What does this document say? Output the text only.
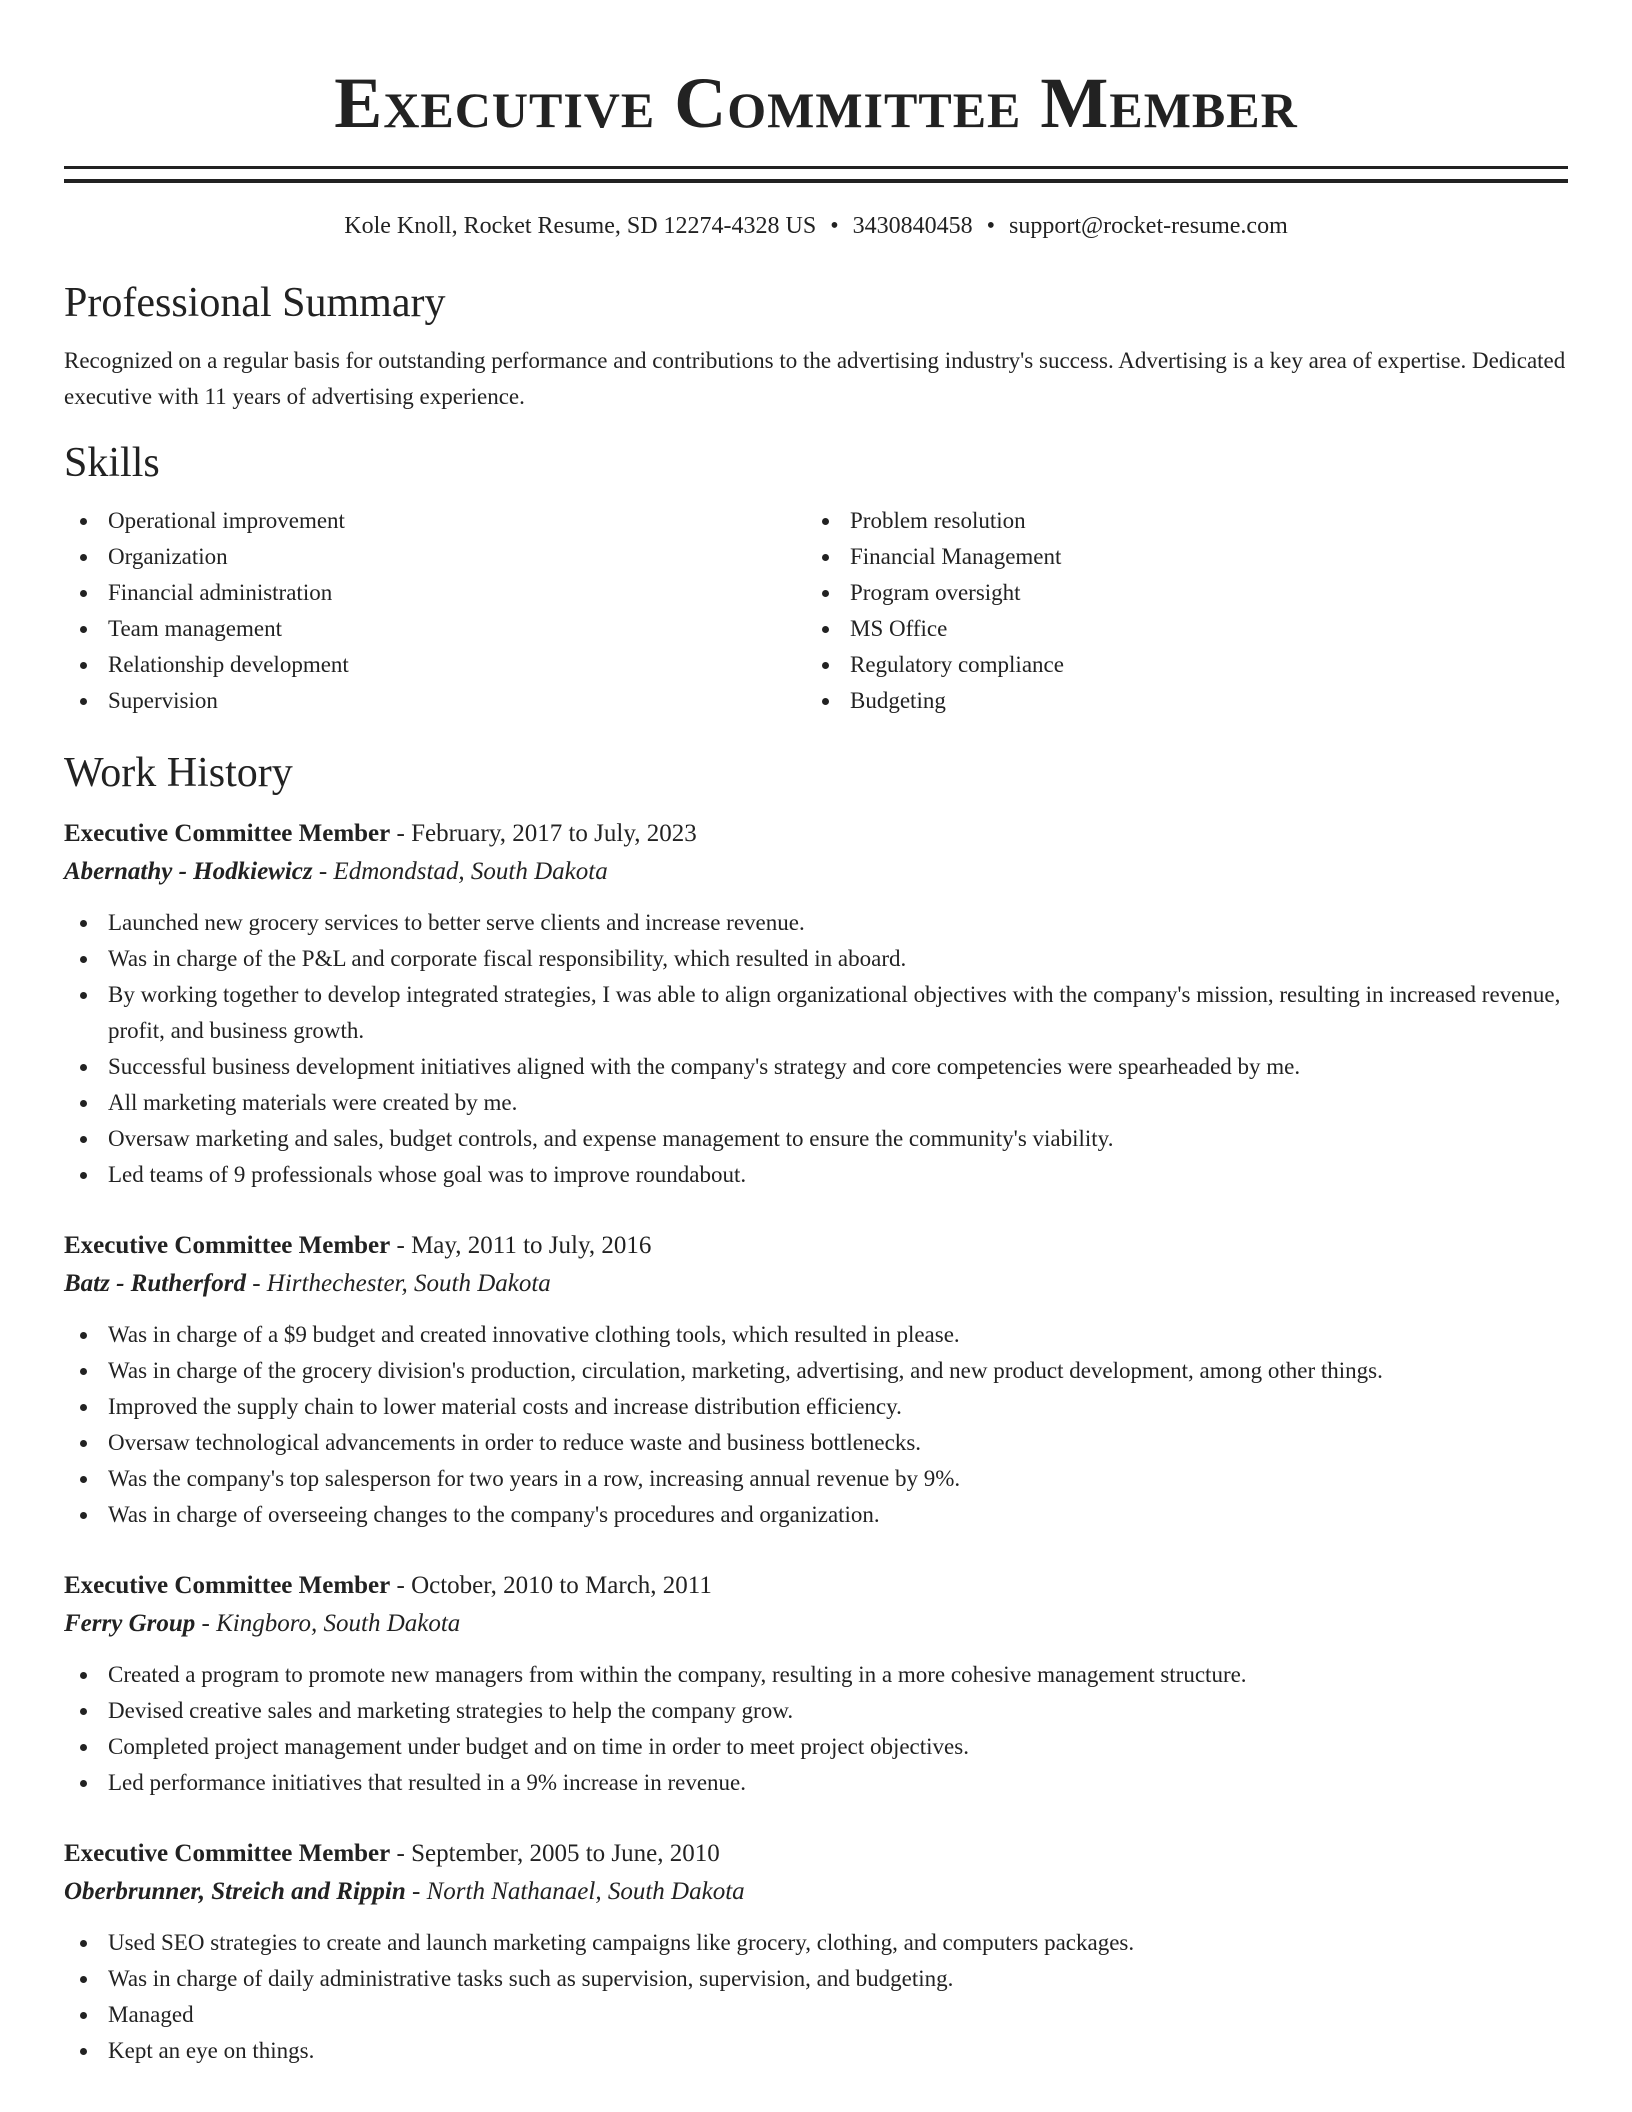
Executive Committee Member
Kole Knoll, Rocket Resume, SD 12274-4328 US • 3430840458 • support@rocket-resume.com
Professional Summary

Recognized on a regular basis for outstanding performance and contributions to the advertising industry's success. Advertising is a key area of expertise. Dedicated executive with 11 years of advertising experience.

Skills
Operational improvement
Organization
Financial administration
Team management
Relationship development
Supervision
Problem resolution
Financial Management
Program oversight
MS Office
Regulatory compliance
Budgeting
Work History
Executive Committee Member - February, 2017 to July, 2023
Abernathy - Hodkiewicz - Edmondstad, South Dakota
Launched new grocery services to better serve clients and increase revenue.
Was in charge of the P&L and corporate fiscal responsibility, which resulted in aboard.
By working together to develop integrated strategies, I was able to align organizational objectives with the company's mission, resulting in increased revenue, profit, and business growth.
Successful business development initiatives aligned with the company's strategy and core competencies were spearheaded by me.
All marketing materials were created by me.
Oversaw marketing and sales, budget controls, and expense management to ensure the community's viability.
Led teams of 9 professionals whose goal was to improve roundabout.
Executive Committee Member - May, 2011 to July, 2016
Batz - Rutherford - Hirthechester, South Dakota
Was in charge of a $9 budget and created innovative clothing tools, which resulted in please.
Was in charge of the grocery division's production, circulation, marketing, advertising, and new product development, among other things.
Improved the supply chain to lower material costs and increase distribution efficiency.
Oversaw technological advancements in order to reduce waste and business bottlenecks.
Was the company's top salesperson for two years in a row, increasing annual revenue by 9%.
Was in charge of overseeing changes to the company's procedures and organization.
Executive Committee Member - October, 2010 to March, 2011
Ferry Group - Kingboro, South Dakota
Created a program to promote new managers from within the company, resulting in a more cohesive management structure.
Devised creative sales and marketing strategies to help the company grow.
Completed project management under budget and on time in order to meet project objectives.
Led performance initiatives that resulted in a 9% increase in revenue.
Executive Committee Member - September, 2005 to June, 2010
Oberbrunner, Streich and Rippin - North Nathanael, South Dakota
Used SEO strategies to create and launch marketing campaigns like grocery, clothing, and computers packages.
Was in charge of daily administrative tasks such as supervision, supervision, and budgeting.
Managed
Kept an eye on things.
